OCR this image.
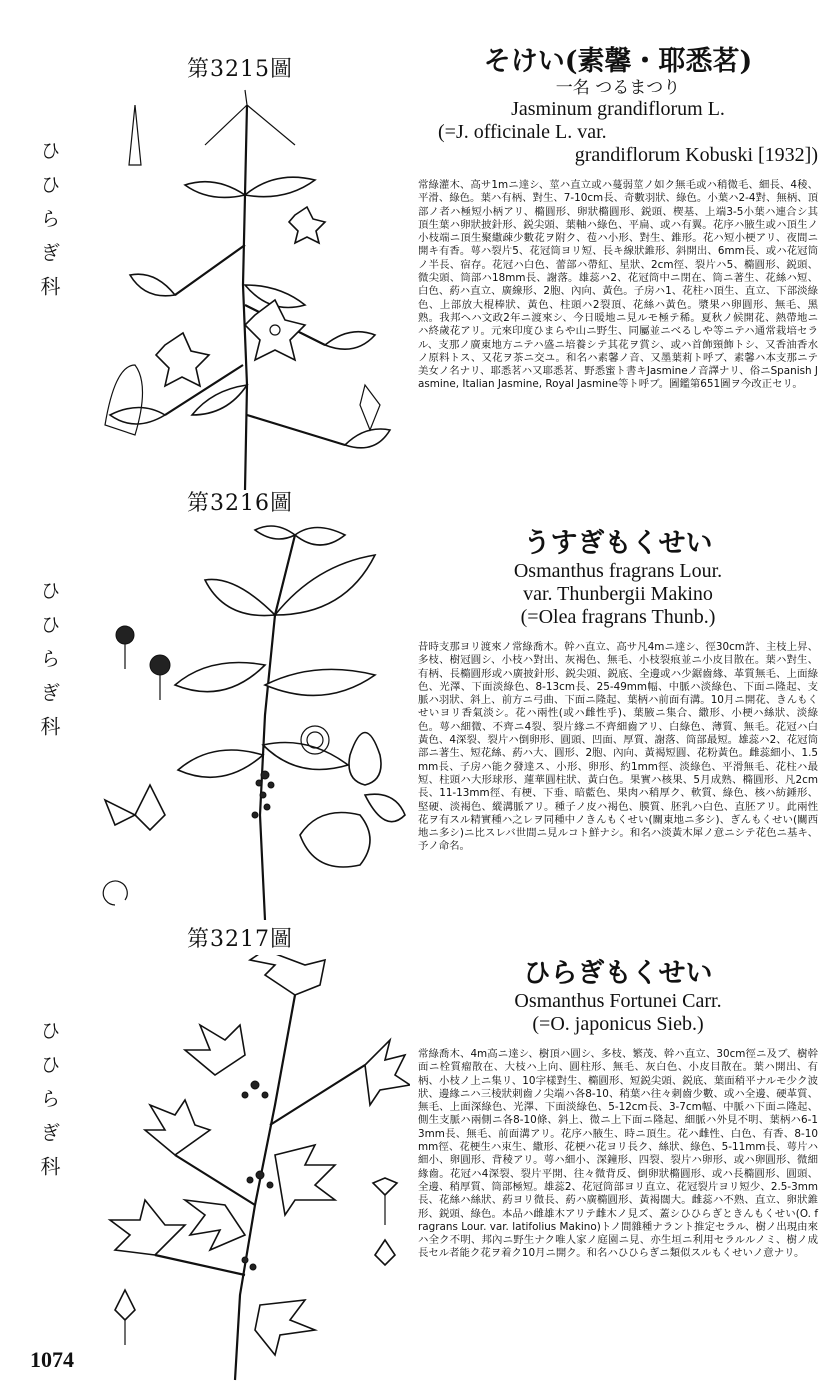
第3215圖
ひひらぎ科
そけい(素馨・耶悉茗)
一名 つるまつり
Jasminum grandiflorum L.
(=J. officinale L. var.
grandiflorum Kobuski [1932])
常綠灌木、高サ1mニ達シ、莖ハ直立或ハ蔓弱莖ノ如ク無毛或ハ稍微毛、細長、4稜、平滑、綠色。葉ハ有柄、對生、7-10cm長、奇數羽狀、綠色。小葉ハ2-4對、無柄、頂部ノ者ハ極短小柄アリ、橢圓形、卵狀橢圓形、鋭頭、楔基、上端3-5小葉ハ連合シ其頂生葉ハ卵狀披針形、鋭尖頭、葉軸ハ綠色、平扁、或ハ有翼。花序ハ腋生或ハ頂生ノ小枝端ニ頂生聚繖疎少數花ヲ附ク、苞ハ小形、對生、錐形。花ハ短小梗アリ、夜間ニ開キ有香。萼ハ裂片5、花冠筒ヨリ短、長キ線狀錐形、斜開出、6mm長、或ハ花冠筒ノ半長、宿存。花冠ハ白色、蕾部ハ帶紅、星狀、2cm徑、裂片ハ5、橢圓形、鋭頭、微尖頭、筒部ハ18mm長、謝落。雄蕊ハ2、花冠筒中ニ閉在、筒ニ著生、花絲ハ短、白色、葯ハ直立、廣線形、2胞、內向、黃色。子房ハ1、花柱ハ頂生、直立、下部淡綠色、上部放大棍棒狀、黃色、柱頭ハ2裂頂、花絲ハ黃色。漿果ハ卵圓形、無毛、黑熟。我邦ヘハ文政2年ニ渡來シ、今日暖地ニ見ルモ極テ稀。夏秋ノ候開花、熱帶地ニハ終歲花アリ。元來印度ひまらや山ニ野生、同屬並ニべるしや等ニテハ通常栽培セラル、支那ノ廣東地方ニテハ盛ニ培養シテ其花ヲ賞シ、或ハ首飾頸飾トシ、又香油香水ノ原料トス、又花ヲ茶ニ交ユ。和名ハ素馨ノ音、又墨葉莉ト呼ブ、素馨ハ本支那ニテ美女ノ名ナリ、耶悉茗ハ又耶悉茗、野悉蜜ト書キJasmineノ音譯ナリ、俗ニSpanish Jasmine, Italian Jasmine, Royal Jasmine等ト呼ブ。圖鑑第651圖ヲ今改正セリ。
第3216圖
ひひらぎ科
うすぎもくせい
Osmanthus fragrans Lour.
var. Thunbergii Makino
(=Olea fragrans Thunb.)
昔時支那ヨリ渡來ノ常綠喬木。幹ハ直立、高サ凡4mニ達シ、徑30cm許、主枝上昇、多枝、樹冠圓シ、小枝ハ對出、灰褐色、無毛、小枝裂痕並ニ小皮目散在。葉ハ對生、有柄、長橢圓形或ハ廣披針形、鋭尖頭、鋭底、全邊或ハ少鋸齒緣、革質無毛、上面綠色、光澤、下面淡綠色、8-13cm長、25-49mm幅、中脈ハ淡綠色、下面ニ隆起、支脈ハ羽狀、斜上、前方ニ弓曲、下面ニ隆起、葉柄ハ前面有溝。10月ニ開花、きんもくせいヨリ香氣淡シ。花ハ兩性(或ハ雌性乎)、葉腋ニ集合、繖形、小梗ハ絲狀、淡綠色。萼ハ細微、不齊ニ4裂、裂片緣ニ不齊細齒アリ、白綠色、薄質、無毛。花冠ハ白黃色、4深裂、裂片ハ倒卵形、圓頭、凹面、厚質、謝落、筒部最短。雄蕊ハ2、花冠筒部ニ著生、短花絲、葯ハ大、圓形、2胞、內向、黃褐短圓、花粉黃色。雌蕊細小、1.5mm長、子房ハ能ク發達ス、小形、卵形、約1mm徑、淡綠色、平滑無毛、花柱ハ最短、柱頭ハ大形球形、蓮華圓柱狀、黃白色。果實ハ核果、5月成熟、橢圓形、凡2cm長、11-13mm徑、有梗、下垂、暗藍色、果肉ハ稍厚ク、軟質、綠色、核ハ紡錘形、堅硬、淡褐色、縱溝脈アリ。種子ノ皮ハ褐色、膜質、胚乳ハ白色、直胚アリ。此兩性花ヲ有スル精實種ハ之レヲ同種中ノきんもくせい(關東地ニ多シ)、ぎんもくせい(關西地ニ多シ)ニ比スレバ世間ニ見ルコト鮮ナシ。和名ハ淡黃木犀ノ意ニシテ花色ニ基キ、予ノ命名。
第3217圖
ひひらぎ科
ひらぎもくせい
Osmanthus Fortunei Carr.
(=O. japonicus Sieb.)
常綠喬木、4m高ニ達シ、樹頂ハ圓シ、多枝、繁茂、幹ハ直立、30cm徑ニ及ブ、樹幹面ニ栓質瘤散在、大枝ハ上向、圓柱形、無毛、灰白色、小皮目散在。葉ハ開出、有柄、小枝ノ上ニ集リ、10字樣對生、橢圓形、短鋭尖頭、鋭底、葉面稍平ナルモ少ク波狀、邊緣ニハ三棱狀刺齒ノ尖端ハ各8-10、稍葉ハ往々刺齒少數、或ハ全邊、硬革質、無毛、上面深綠色、光澤、下面淡綠色、5-12cm長、3-7cm幅、中脈ハ下面ニ隆起、側生支脈ハ兩側ニ各8-10條、斜上、微ニ上下面ニ隆起、細脈ハ外見不明、葉柄ハ6-13mm長、無毛、前面溝アリ。花序ハ腋生、時ニ頂生。花ハ雌性、白色、有香、8-10mm徑、花梗生ハ束生、繖形、花梗ハ花ヨリ長ク、絲狀、綠色、5-11mm長、萼片ハ細小、卵圓形、背稜アリ。萼ハ細小、深鐘形、四裂、裂片ハ卵形、或ハ卵圓形、微細緣齒。花冠ハ4深裂、裂片平開、往々微背反、倒卵狀橢圓形、或ハ長橢圓形、圓頭、全邊、稍厚質、筒部極短。雄蕊2、花冠筒部ヨリ直立、花冠裂片ヨリ短少、2.5-3mm長、花絲ハ絲狀、葯ヨリ微長、葯ハ廣橢圓形、黃褐闊大。雌蕊ハ不熟、直立、卵狀錐形、鋭頭、綠色。本品ハ雌雄木アリテ雌木ノ見ズ、蓋シひひらぎときんもくせい(O. fragrans Lour. var. latifolius Makino)トノ間雜種ナラント推定セラル、樹ノ出現由來ハ全ク不明、邦內ニ野生ナク唯人家ノ庭園ニ見、亦生垣ニ利用セラルルノミ、樹ノ成長セル者能ク花ヲ着ク10月ニ開ク。和名ハひひらぎニ類似スルもくせいノ意ナリ。
1074
